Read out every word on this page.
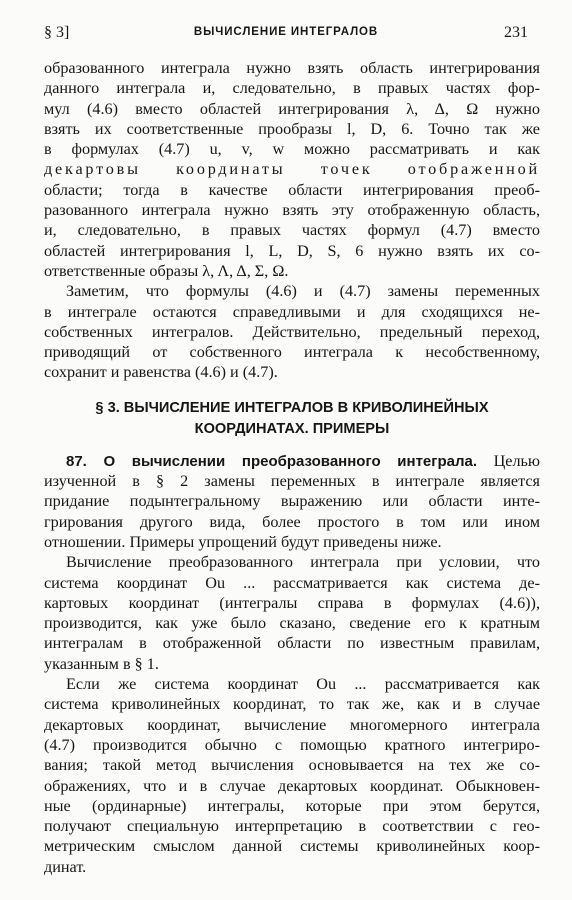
§ 3]	ВЫЧИСЛЕНИЕ ИНТЕГРАЛОВ	231
образованного интеграла нужно взять область интегрирования
данного интеграла и, следовательно, в правых частях фор-
мул (4.6) вместо областей интегрирования λ, Δ, Ω нужно
взять их соответственные прообразы l, D, 6. Точно так же
в формулах (4.7) u, v, w можно рассматривать и как
декартовы координаты точек отображенной
области; тогда в качестве области интегрирования преоб-
разованного интеграла нужно взять эту отображенную область,
и, следовательно, в правых частях формул (4.7) вместо
областей интегрирования l, L, D, S, 6 нужно взять их со-
ответственные образы λ, Λ, Δ, Σ, Ω.
Заметим, что формулы (4.6) и (4.7) замены переменных
в интеграле остаются справедливыми и для сходящихся не-
собственных интегралов. Действительно, предельный переход,
приводящий от собственного интеграла к несобственному,
сохранит и равенства (4.6) и (4.7).
§ 3. ВЫЧИСЛЕНИЕ ИНТЕГРАЛОВ В КРИВОЛИНЕЙНЫХ
КООРДИНАТАХ. ПРИМЕРЫ
87. О вычислении преобразованного интеграла. Целью
изученной в § 2 замены переменных в интеграле является
придание подынтегральному выражению или области инте-
грирования другого вида, более простого в том или ином
отношении. Примеры упрощений будут приведены ниже.
Вычисление преобразованного интеграла при условии, что
система координат Ou ... рассматривается как система де-
картовых координат (интегралы справа в формулах (4.6)),
производится, как уже было сказано, сведение его к кратным
интегралам в отображенной области по известным правилам,
указанным в § 1.
Если же система координат Ou ... рассматривается как
система криволинейных координат, то так же, как и в случае
декартовых координат, вычисление многомерного интеграла
(4.7) производится обычно с помощью кратного интегриро-
вания; такой метод вычисления основывается на тех же со-
ображениях, что и в случае декартовых координат. Обыкновен-
ные (ординарные) интегралы, которые при этом берутся,
получают специальную интерпретацию в соответствии с гео-
метрическим смыслом данной системы криволинейных коор-
динат.
